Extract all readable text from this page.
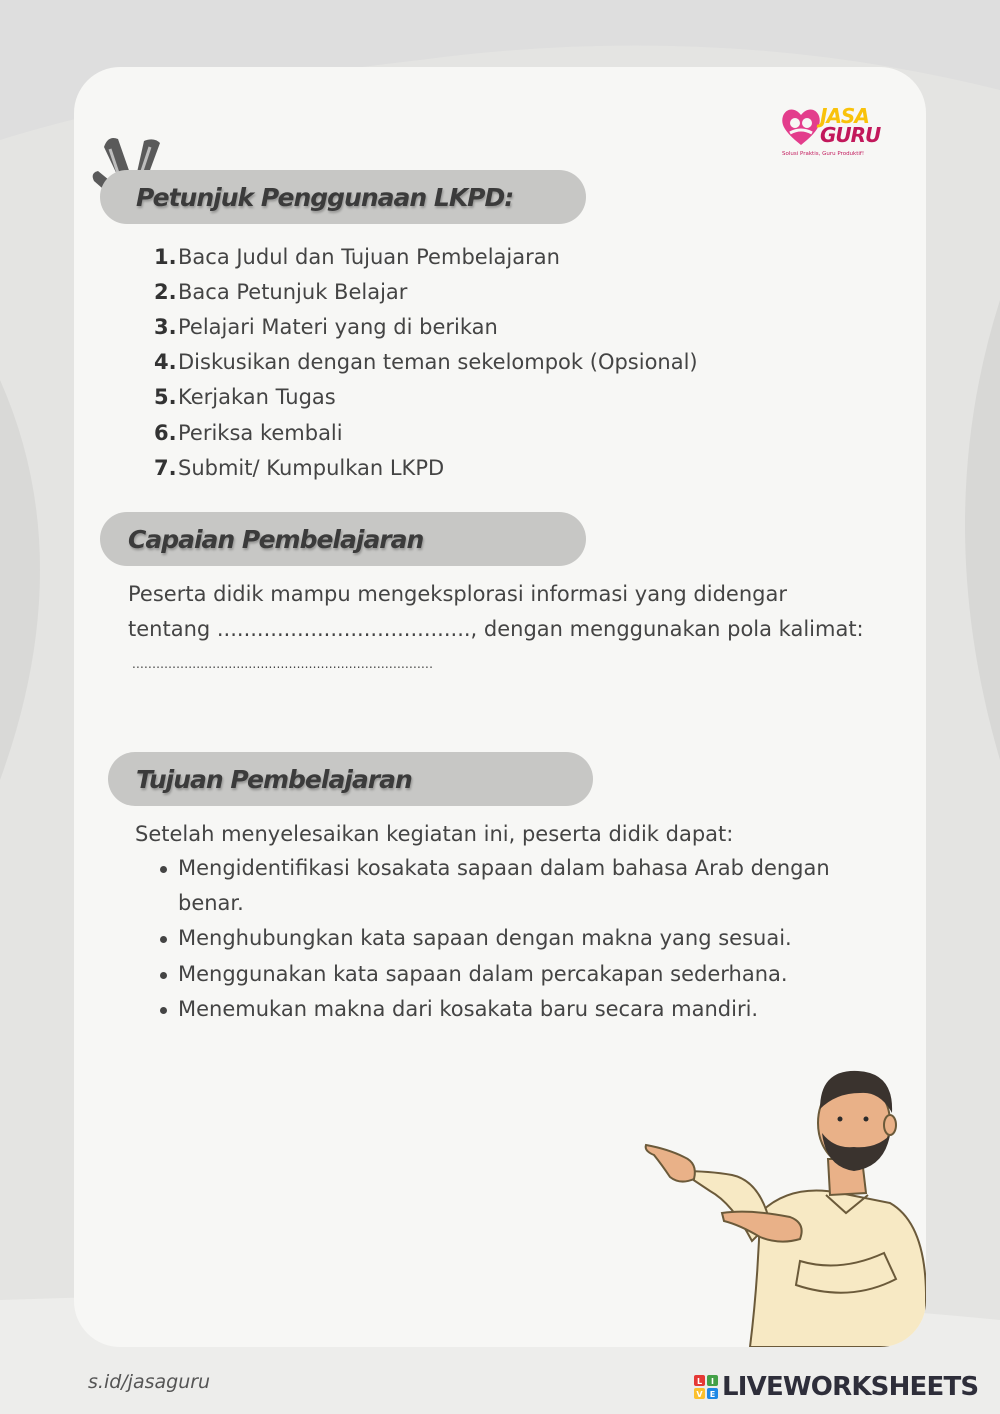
JASA
GURU
Solusi Praktis, Guru Produktif!
Petunjuk Penggunaan LKPD:
1. Baca Judul dan Tujuan Pembelajaran
2. Baca Petunjuk Belajar
3. Pelajari Materi yang di berikan
4. Diskusikan dengan teman sekelompok (Opsional)
5. Kerjakan Tugas
6. Periksa kembali
7. Submit/ Kumpulkan LKPD
Capaian Pembelajaran
Peserta didik mampu mengeksplorasi informasi yang didengar
tentang ......................................, dengan menggunakan pola kalimat:
...........................................................................
Tujuan Pembelajaran
Setelah menyelesaikan kegiatan ini, peserta didik dapat:
Mengidentifikasi kosakata sapaan dalam bahasa Arab dengan benar.
Menghubungkan kata sapaan dengan makna yang sesuai.
Menggunakan kata sapaan dalam percakapan sederhana.
Menemukan makna dari kosakata baru secara mandiri.
s.id/jasaguru	L I
V E LIVEWORKSHEETS
